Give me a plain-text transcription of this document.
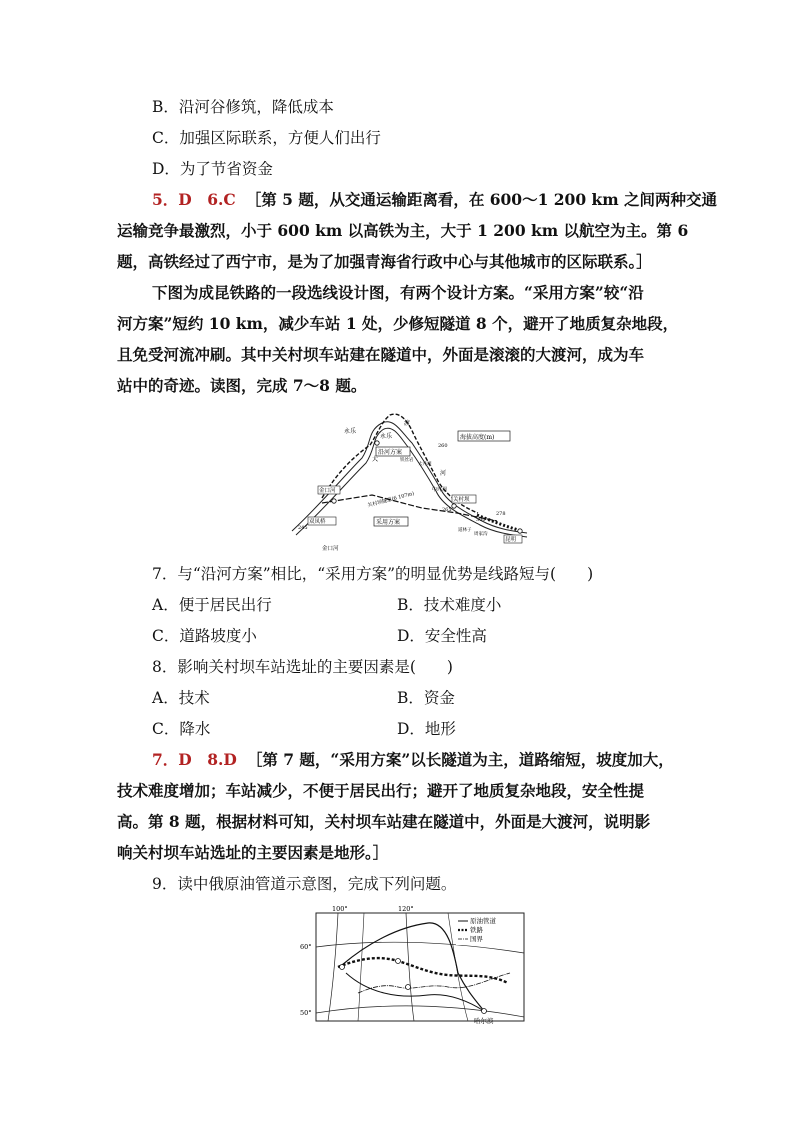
B．沿河谷修筑，降低成本
C．加强区际联系，方便人们出行
D．为了节省资金
5．D　6.C ［第 5 题，从交通运输距离看，在 600～1 200 km 之间两种交通
运输竞争最激烈，小于 600 km 以高铁为主，大于 1 200 km 以航空为主。第 6
题，高铁经过了西宁市，是为了加强青海省行政中心与其他城市的区际联系。］
下图为成昆铁路的一段选线设计图，有两个设计方案。“采用方案”较“沿
河方案”短约 10 km，减少车站 1 处，少修短隧道 8 个，避开了地质复杂地段，
且免受河流冲刷。其中关村坝车站建在隧道中，外面是滚滚的大渡河，成为车
站中的奇迹。读图，完成 7～8 题。
海拔高度(m)
沿河方案
采用方案
金口河
双凤桥
关村坝
昆明
永乐
永乐
渡
大
河
中坪坝
金口河
关村坝隧道(6 107m)
铁丝岩
大井坝
道林子
周家沟
260
265
278
300
245
7．与“沿河方案”相比，“采用方案”的明显优势是线路短与(　　)
A．便于居民出行	B．技术难度小
C．道路坡度小	D．安全性高
8．影响关村坝车站选址的主要因素是(　　)
A．技术	B．资金
C．降水	D．地形
7．D　8.D ［第 7 题，“采用方案”以长隧道为主，道路缩短，坡度加大，
技术难度增加；车站减少，不便于居民出行；避开了地质复杂地段，安全性提
高。第 8 题，根据材料可知，关村坝车站建在隧道中，外面是大渡河，说明影
响关村坝车站选址的主要因素是地形。］
9．读中俄原油管道示意图，完成下列问题。
原油管道
铁路
国界
100°	120°
60°
50°
哈尔滨
